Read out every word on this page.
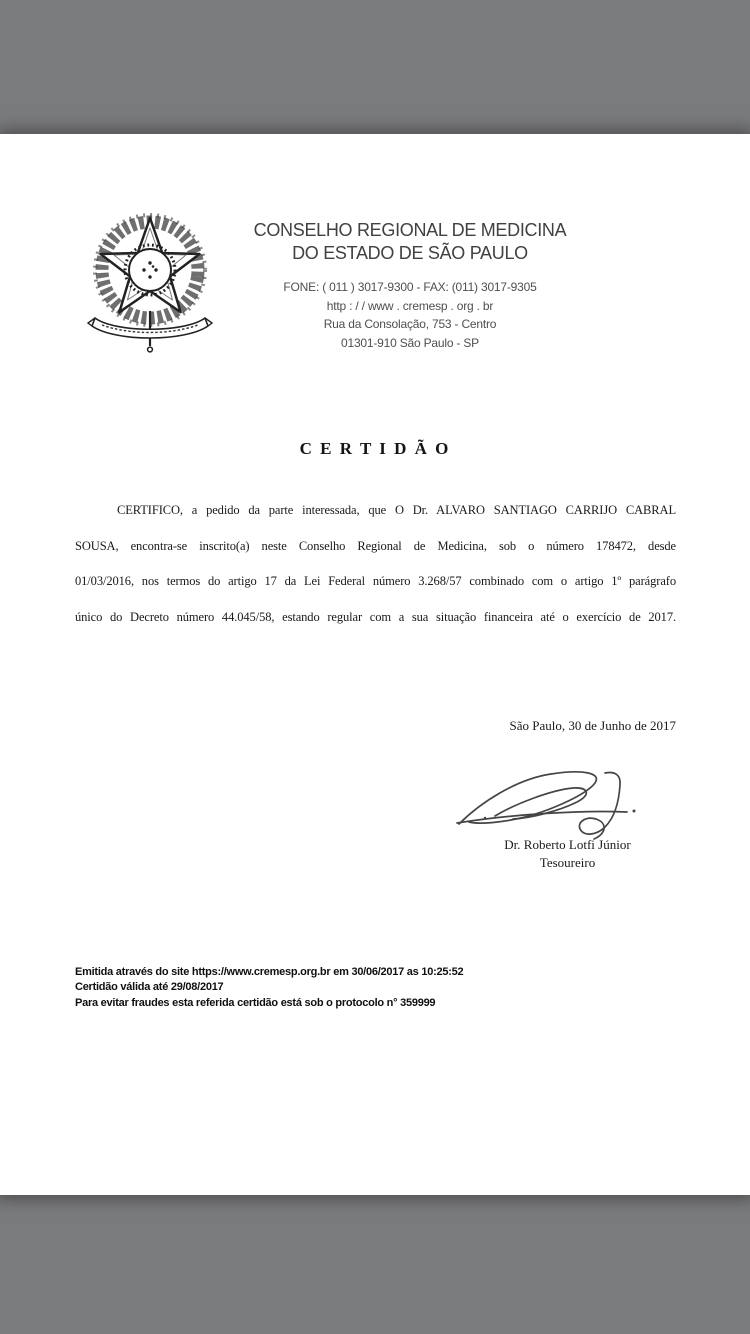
CONSELHO REGIONAL DE MEDICINA
DO ESTADO DE SÃO PAULO
FONE: ( 011 ) 3017-9300 - FAX: (011) 3017-9305
http : / / www . cremesp . org . br
Rua da Consolação, 753 - Centro
01301-910 São Paulo - SP
C E R T I D Ã O
CERTIFICO, a pedido da parte interessada, que O Dr. ALVARO SANTIAGO CARRIJO CABRAL
SOUSA, encontra-se inscrito(a) neste Conselho Regional de Medicina, sob o número 178472, desde
01/03/2016, nos termos do artigo 17 da Lei Federal número 3.268/57 combinado com o artigo 1º parágrafo
único do Decreto número 44.045/58, estando regular com a sua situação financeira até o exercício de 2017.
São Paulo, 30 de Junho de 2017
Dr. Roberto Lotfi Júnior
Tesoureiro
Emitida através do site https://www.cremesp.org.br em 30/06/2017 as 10:25:52
Certidão válida até 29/08/2017
Para evitar fraudes esta referida certidão está sob o protocolo n° 359999
